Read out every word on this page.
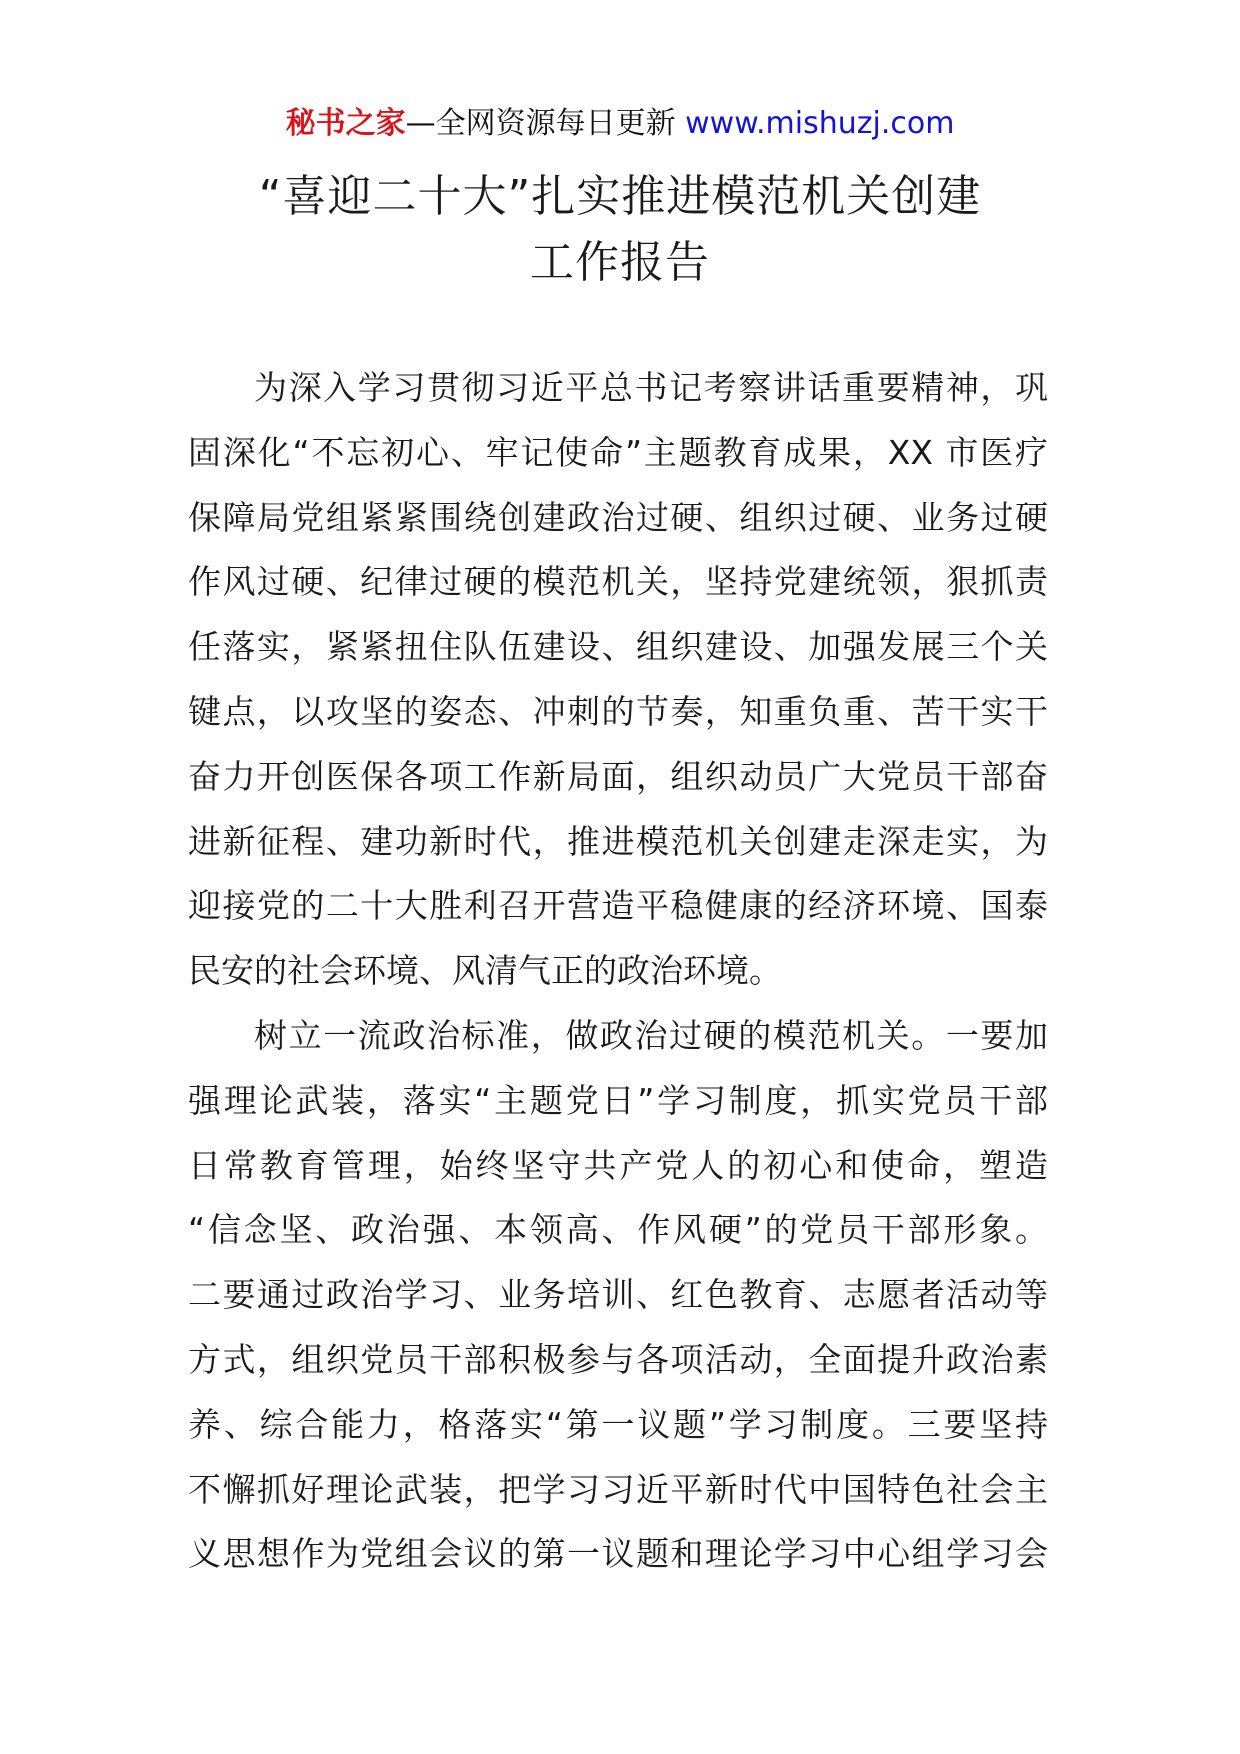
秘书之家—全网资源每日更新 www.mishuzj.com
“喜迎二十大”扎实推进模范机关创建
工作报告
为深入学习贯彻习近平总书记考察讲话重要精神，巩
固深化“不忘初心、牢记使命”主题教育成果，XX 市医疗
保障局党组紧紧围绕创建政治过硬、组织过硬、业务过硬
作风过硬、纪律过硬的模范机关，坚持党建统领，狠抓责
任落实，紧紧扭住队伍建设、组织建设、加强发展三个关
键点，以攻坚的姿态、冲刺的节奏，知重负重、苦干实干
奋力开创医保各项工作新局面，组织动员广大党员干部奋
进新征程、建功新时代，推进模范机关创建走深走实，为
迎接党的二十大胜利召开营造平稳健康的经济环境、国泰
民安的社会环境、风清气正的政治环境。
树立一流政治标准，做政治过硬的模范机关。一要加
强理论武装，落实“主题党日”学习制度，抓实党员干部
日常教育管理，始终坚守共产党人的初心和使命，塑造
“信念坚、政治强、本领高、作风硬”的党员干部形象。
二要通过政治学习、业务培训、红色教育、志愿者活动等
方式，组织党员干部积极参与各项活动，全面提升政治素
养、综合能力，格落实“第一议题”学习制度。三要坚持
不懈抓好理论武装，把学习习近平新时代中国特色社会主
义思想作为党组会议的第一议题和理论学习中心组学习会
